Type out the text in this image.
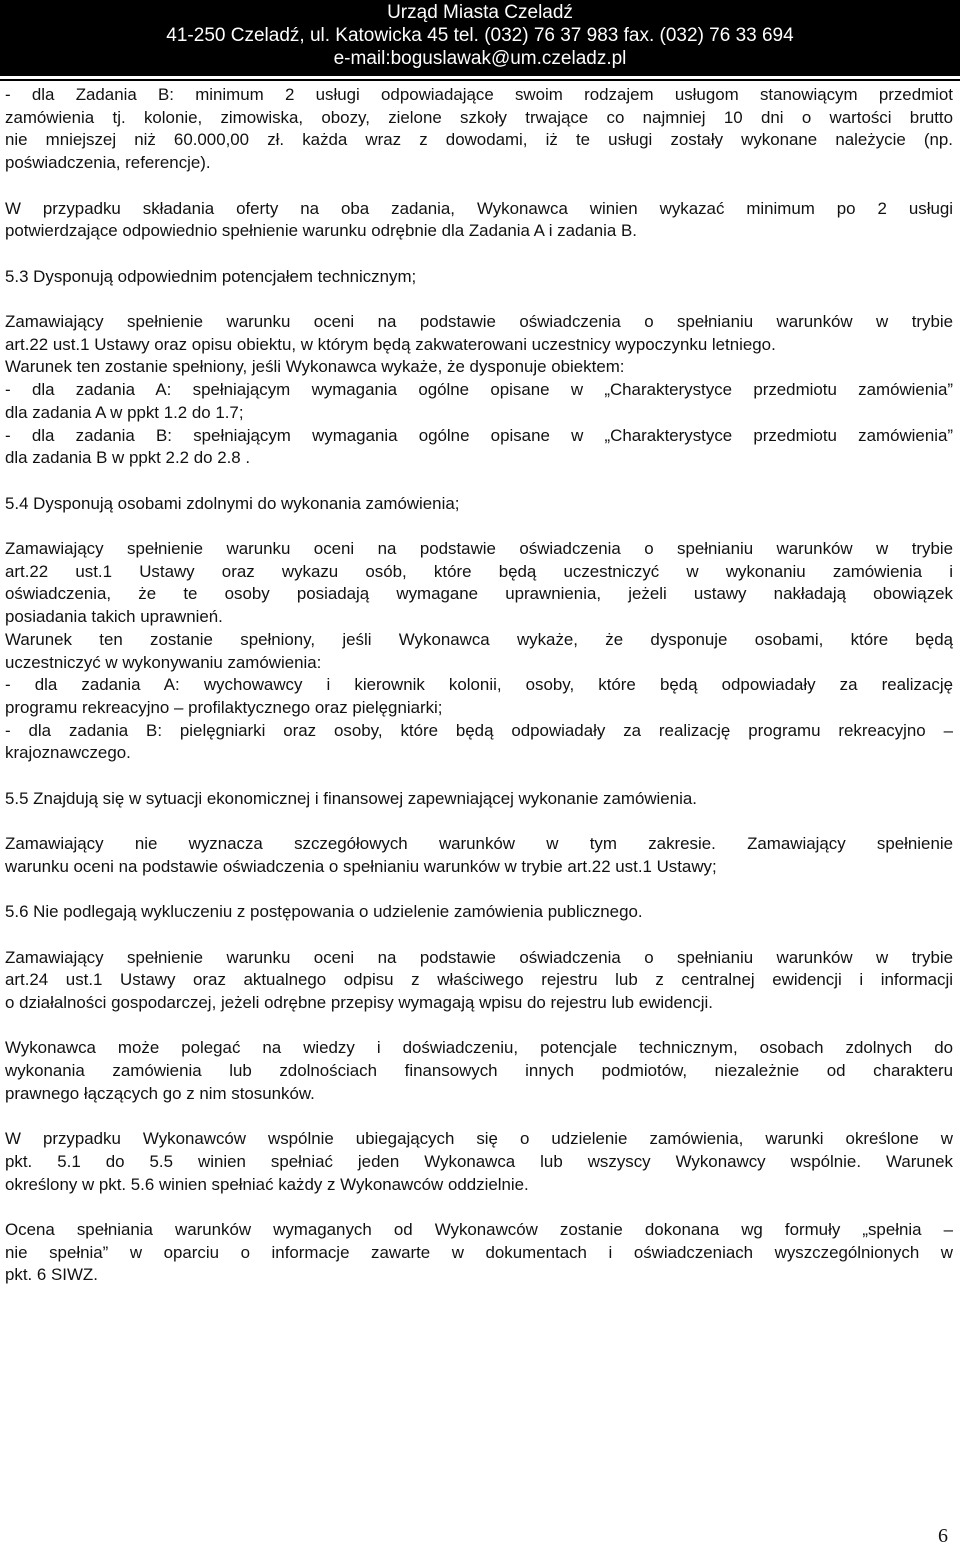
Urząd Miasta Czeladź
41-250 Czeladź, ul. Katowicka 45 tel. (032) 76 37 983 fax. (032) 76 33 694
e-mail:boguslawak@um.czeladz.pl
- dla Zadania B: minimum 2 usługi odpowiadające swoim rodzajem usługom stanowiącym przedmiot
zamówienia tj. kolonie, zimowiska, obozy, zielone szkoły trwające co najmniej 10 dni o wartości brutto
nie mniejszej niż 60.000,00 zł. każda wraz z dowodami, iż te usługi zostały wykonane należycie (np.
poświadczenia, referencje).
W przypadku składania oferty na oba zadania, Wykonawca winien wykazać minimum po 2 usługi
potwierdzające odpowiednio spełnienie warunku odrębnie dla Zadania A i zadania B.
5.3 Dysponują odpowiednim potencjałem technicznym;
Zamawiający spełnienie warunku oceni na podstawie oświadczenia o spełnianiu warunków w trybie
art.22 ust.1 Ustawy oraz opisu obiektu, w którym będą zakwaterowani uczestnicy wypoczynku letniego.
Warunek ten zostanie spełniony, jeśli Wykonawca wykaże, że dysponuje obiektem:
- dla zadania A: spełniającym wymagania ogólne opisane w „Charakterystyce przedmiotu zamówienia”
dla zadania A w ppkt 1.2 do 1.7;
- dla zadania B: spełniającym wymagania ogólne opisane w „Charakterystyce przedmiotu zamówienia”
dla zadania B w ppkt 2.2 do 2.8 .
5.4 Dysponują osobami zdolnymi do wykonania zamówienia;
Zamawiający spełnienie warunku oceni na podstawie oświadczenia o spełnianiu warunków w trybie
art.22 ust.1 Ustawy oraz wykazu osób, które będą uczestniczyć w wykonaniu zamówienia i
oświadczenia, że te osoby posiadają wymagane uprawnienia, jeżeli ustawy nakładają obowiązek
posiadania takich uprawnień.
Warunek ten zostanie spełniony, jeśli Wykonawca wykaże, że dysponuje osobami, które będą
uczestniczyć w wykonywaniu zamówienia:
- dla zadania A: wychowawcy i kierownik kolonii, osoby, które będą odpowiadały za realizację
programu rekreacyjno – profilaktycznego oraz pielęgniarki;
- dla zadania B: pielęgniarki oraz osoby, które będą odpowiadały za realizację programu rekreacyjno –
krajoznawczego.
5.5 Znajdują się w sytuacji ekonomicznej i finansowej zapewniającej wykonanie zamówienia.
Zamawiający nie wyznacza szczegółowych warunków w tym zakresie. Zamawiający spełnienie
warunku oceni na podstawie oświadczenia o spełnianiu warunków w trybie art.22 ust.1 Ustawy;
5.6 Nie podlegają wykluczeniu z postępowania o udzielenie zamówienia publicznego.
Zamawiający spełnienie warunku oceni na podstawie oświadczenia o spełnianiu warunków w trybie
art.24 ust.1 Ustawy oraz aktualnego odpisu z właściwego rejestru lub z centralnej ewidencji i informacji
o działalności gospodarczej, jeżeli odrębne przepisy wymagają wpisu do rejestru lub ewidencji.
Wykonawca może polegać na wiedzy i doświadczeniu, potencjale technicznym, osobach zdolnych do
wykonania zamówienia lub zdolnościach finansowych innych podmiotów, niezależnie od charakteru
prawnego łączących go z nim stosunków.
W przypadku Wykonawców wspólnie ubiegających się o udzielenie zamówienia, warunki określone w
pkt. 5.1 do 5.5 winien spełniać jeden Wykonawca lub wszyscy Wykonawcy wspólnie. Warunek
określony w pkt. 5.6 winien spełniać każdy z Wykonawców oddzielnie.
Ocena spełniania warunków wymaganych od Wykonawców zostanie dokonana wg formuły „spełnia –
nie spełnia” w oparciu o informacje zawarte w dokumentach i oświadczeniach wyszczególnionych w
pkt. 6 SIWZ.
6
